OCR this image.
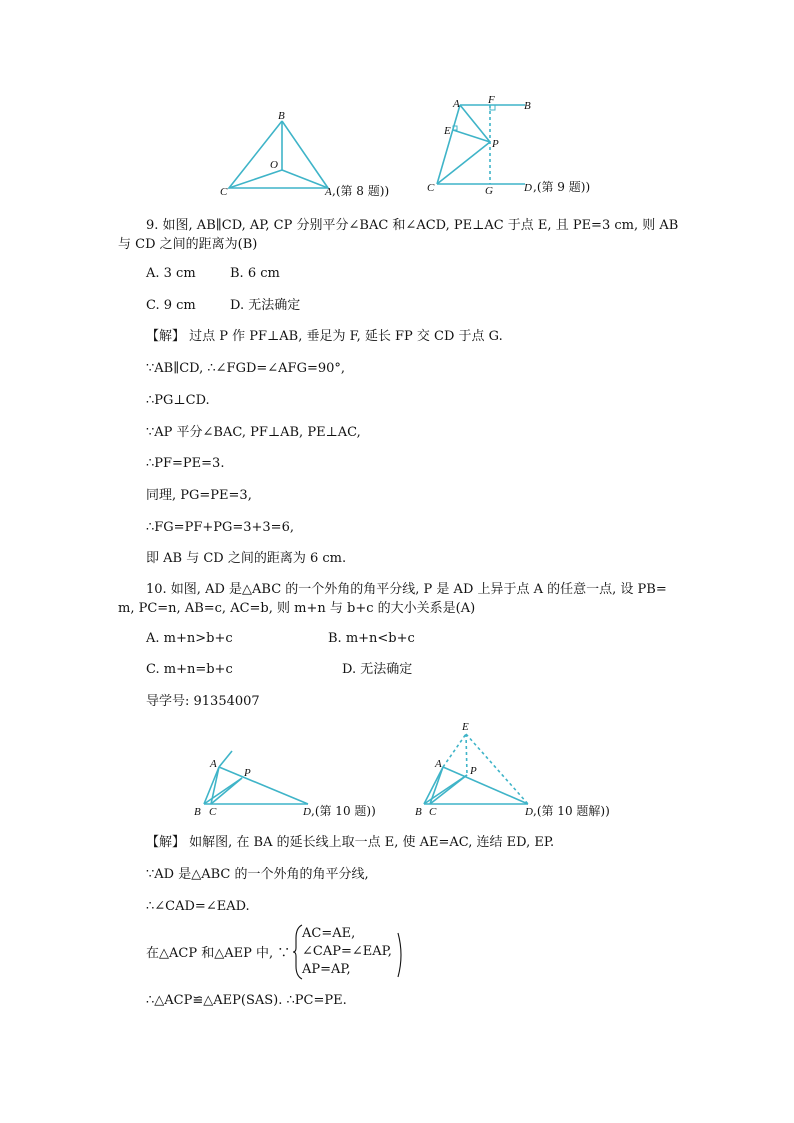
B
O
C	A ,(第 8 题))
A	F	B
E
P
C	G	D ,(第 9 题))
9. 如图, AB∥CD, AP, CP 分别平分∠BAC 和∠ACD, PE⊥AC 于点 E, 且 PE=3 cm, 则 AB
与 CD 之间的距离为(B)
A. 3 cm	B. 6 cm
C. 9 cm	D. 无法确定
【解】 过点 P 作 PF⊥AB, 垂足为 F, 延长 FP 交 CD 于点 G.
∵AB∥CD, ∴∠FGD=∠AFG=90°,
∴PG⊥CD.
∵AP 平分∠BAC, PF⊥AB, PE⊥AC,
∴PF=PE=3.
同理, PG=PE=3,
∴FG=PF+PG=3+3=6,
即 AB 与 CD 之间的距离为 6 cm.
10. 如图, AD 是△ABC 的一个外角的角平分线, P 是 AD 上异于点 A 的任意一点, 设 PB=
m, PC=n, AB=c, AC=b, 则 m+n 与 b+c 的大小关系是(A)
A. m+n>b+c	B. m+n<b+c
C. m+n=b+c	D. 无法确定
导学号: 91354007
A
P
B C	D ,(第 10 题))
E
A
P
B C	D ,(第 10 题解))
【解】 如解图, 在 BA 的延长线上取一点 E, 使 AE=AC, 连结 ED, EP.
∵AD 是△ABC 的一个外角的角平分线,
∴∠CAD=∠EAD.
在△ACP 和△AEP 中, ∵
AC=AE,
∠CAP=∠EAP,
AP=AP,
∴△ACP≌△AEP(SAS). ∴PC=PE.
